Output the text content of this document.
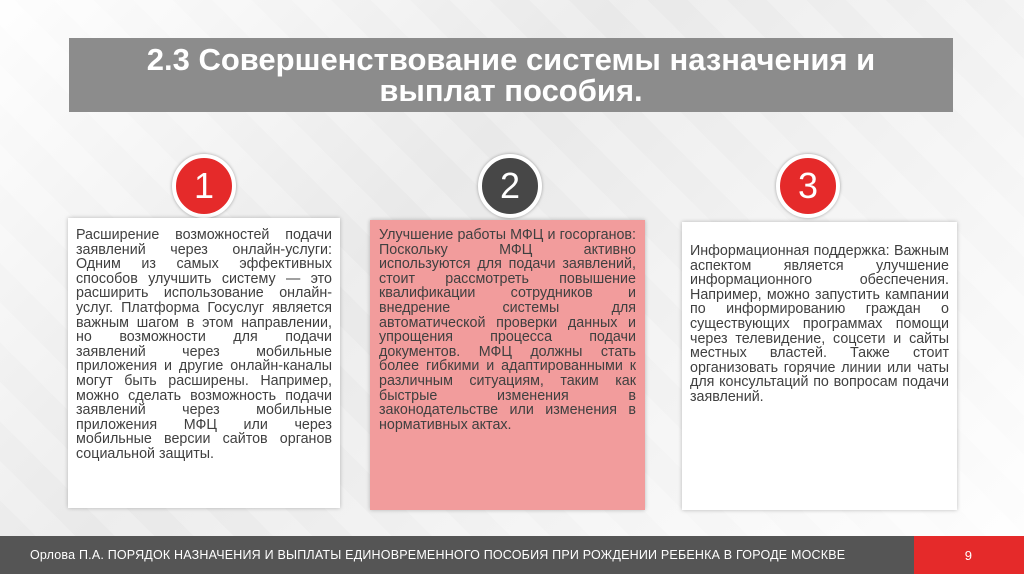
2.3 Совершенствование системы назначения и выплат пособия.
1	2	3
Расширение возможностей подачи заявлений через онлайн-услуги: Одним из самых эффективных способов улучшить систему — это расширить использование онлайн-услуг. Платформа Госуслуг является важным шагом в этом направлении, но возможности для подачи заявлений через мобильные приложения и другие онлайн-каналы могут быть расширены. Например, можно сделать возможность подачи заявлений через мобильные приложения МФЦ или через мобильные версии сайтов органов социальной защиты.
Улучшение работы МФЦ и госорганов: Поскольку МФЦ активно используются для подачи заявлений, стоит рассмотреть повышение квалификации сотрудников и внедрение системы для автоматической проверки данных и упрощения процесса подачи документов. МФЦ должны стать более гибкими и адаптированными к различным ситуациям, таким как быстрые изменения в законодательстве или изменения в нормативных актах.
Информационная поддержка: Важным аспектом является улучшение информационного обеспечения. Например, можно запустить кампании по информированию граждан о существующих программах помощи через телевидение, соцсети и сайты местных властей. Также стоит организовать горячие линии или чаты для консультаций по вопросам подачи заявлений.
Орлова П.А. ПОРЯДОК НАЗНАЧЕНИЯ И ВЫПЛАТЫ ЕДИНОВРЕМЕННОГО ПОСОБИЯ ПРИ РОЖДЕНИИ РЕБЕНКА В ГОРОДЕ МОСКВЕ	9
